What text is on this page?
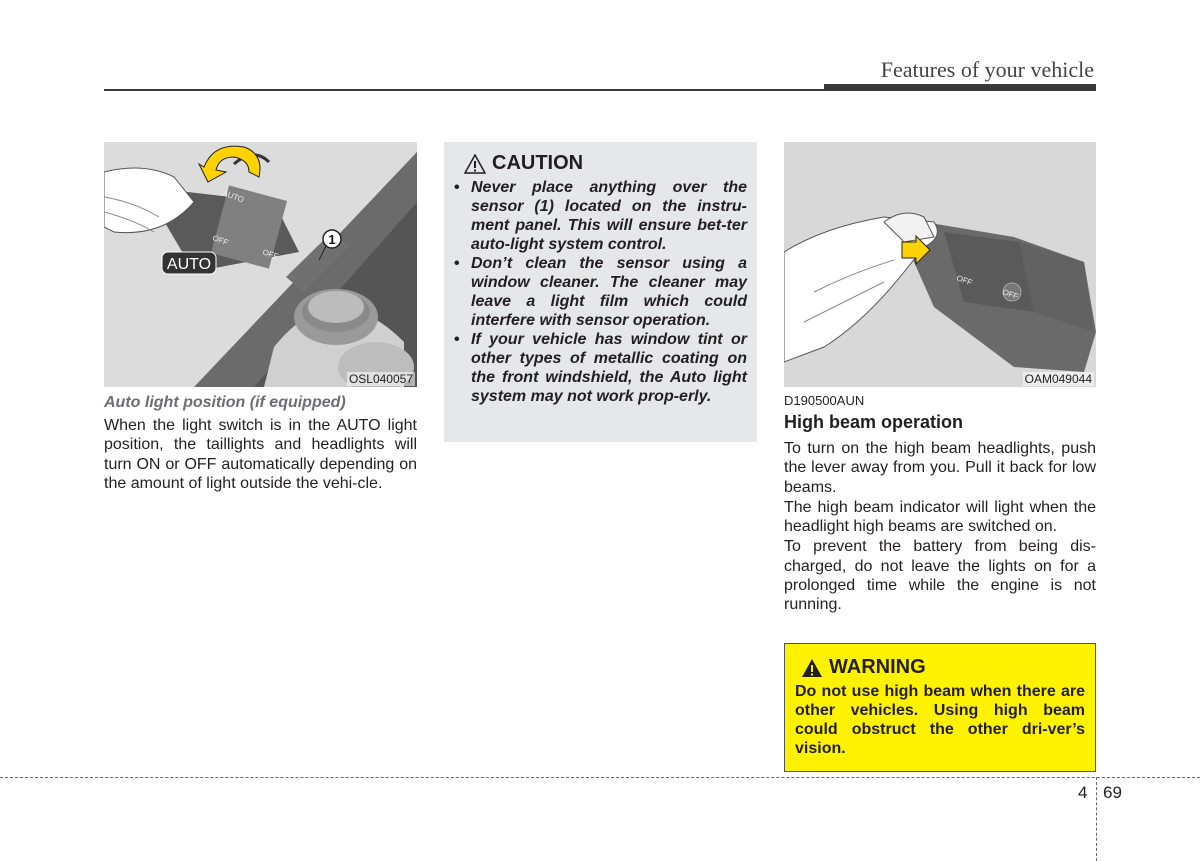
Features of your vehicle
1
AUTO
AUTO
OFF
OFF
OSL040057
Auto light position (if equipped)
When the light switch is in the AUTO light position, the taillights and headlights will turn ON or OFF automatically depending on the amount of light outside the vehi-cle.
CAUTION
• Never place anything over the sensor (1) located on the instru-ment panel. This will ensure bet-ter auto-light system control.
• Don’t clean the sensor using a window cleaner. The cleaner may leave a light film which could interfere with sensor operation.
• If your vehicle has window tint or other types of metallic coating on the front windshield, the Auto light system may not work prop-erly.
OFF
OFF
OAM049044
D190500AUN
High beam operation

To turn on the high beam headlights, push the lever away from you. Pull it back for low beams.

The high beam indicator will light when the headlight high beams are switched on.

To prevent the battery from being dis-charged, do not leave the lights on for a prolonged time while the engine is not running.

WARNING
Do not use high beam when there are other vehicles. Using high beam could obstruct the other dri-ver’s vision.
4 69
